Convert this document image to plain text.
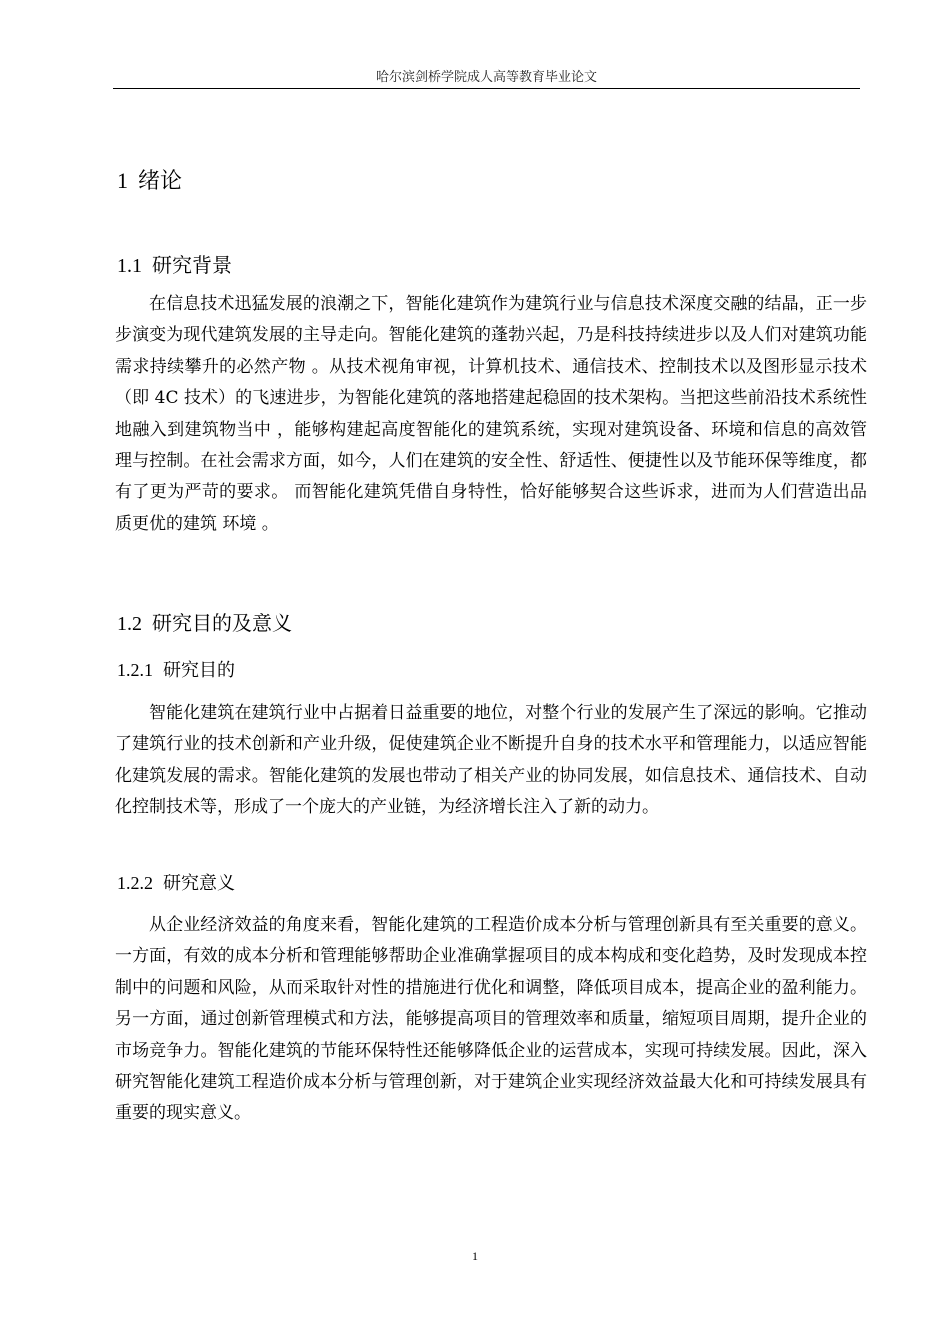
哈尔滨剑桥学院成人高等教育毕业论文
1 绪论
1.1 研究背景

在信息技术迅猛发展的浪潮之下，智能化建筑作为建筑行业与信息技术深度交融的结晶，正一步步演变为现代建筑发展的主导走向。智能化建筑的蓬勃兴起，乃是科技持续进步以及人们对建筑功能需求持续攀升的必然产物 。从技术视角审视，计算机技术、通信技术、控制技术以及图形显示技术（即 4C 技术）的飞速进步，为智能化建筑的落地搭建起稳固的技术架构。当把这些前沿技术系统性地融入到建筑物当中 ，能够构建起高度智能化的建筑系统，实现对建筑设备、环境和信息的高效管理与控制。在社会需求方面，如今，人们在建筑的安全性、舒适性、便捷性以及节能环保等维度，都有了更为严苛的要求。 而智能化建筑凭借自身特性，恰好能够契合这些诉求，进而为人们营造出品质更优的建筑 环境 。

1.2 研究目的及意义
1.2.1 研究目的

智能化建筑在建筑行业中占据着日益重要的地位，对整个行业的发展产生了深远的影响。它推动了建筑行业的技术创新和产业升级，促使建筑企业不断提升自身的技术水平和管理能力，以适应智能化建筑发展的需求。智能化建筑的发展也带动了相关产业的协同发展，如信息技术、通信技术、自动化控制技术等，形成了一个庞大的产业链，为经济增长注入了新的动力。

1.2.2 研究意义

从企业经济效益的角度来看，智能化建筑的工程造价成本分析与管理创新具有至关重要的意义。一方面，有效的成本分析和管理能够帮助企业准确掌握项目的成本构成和变化趋势，及时发现成本控制中的问题和风险，从而采取针对性的措施进行优化和调整，降低项目成本，提高企业的盈利能力。另一方面，通过创新管理模式和方法，能够提高项目的管理效率和质量，缩短项目周期，提升企业的市场竞争力。智能化建筑的节能环保特性还能够降低企业的运营成本，实现可持续发展。因此，深入研究智能化建筑工程造价成本分析与管理创新，对于建筑企业实现经济效益最大化和可持续发展具有重要的现实意义。

1
